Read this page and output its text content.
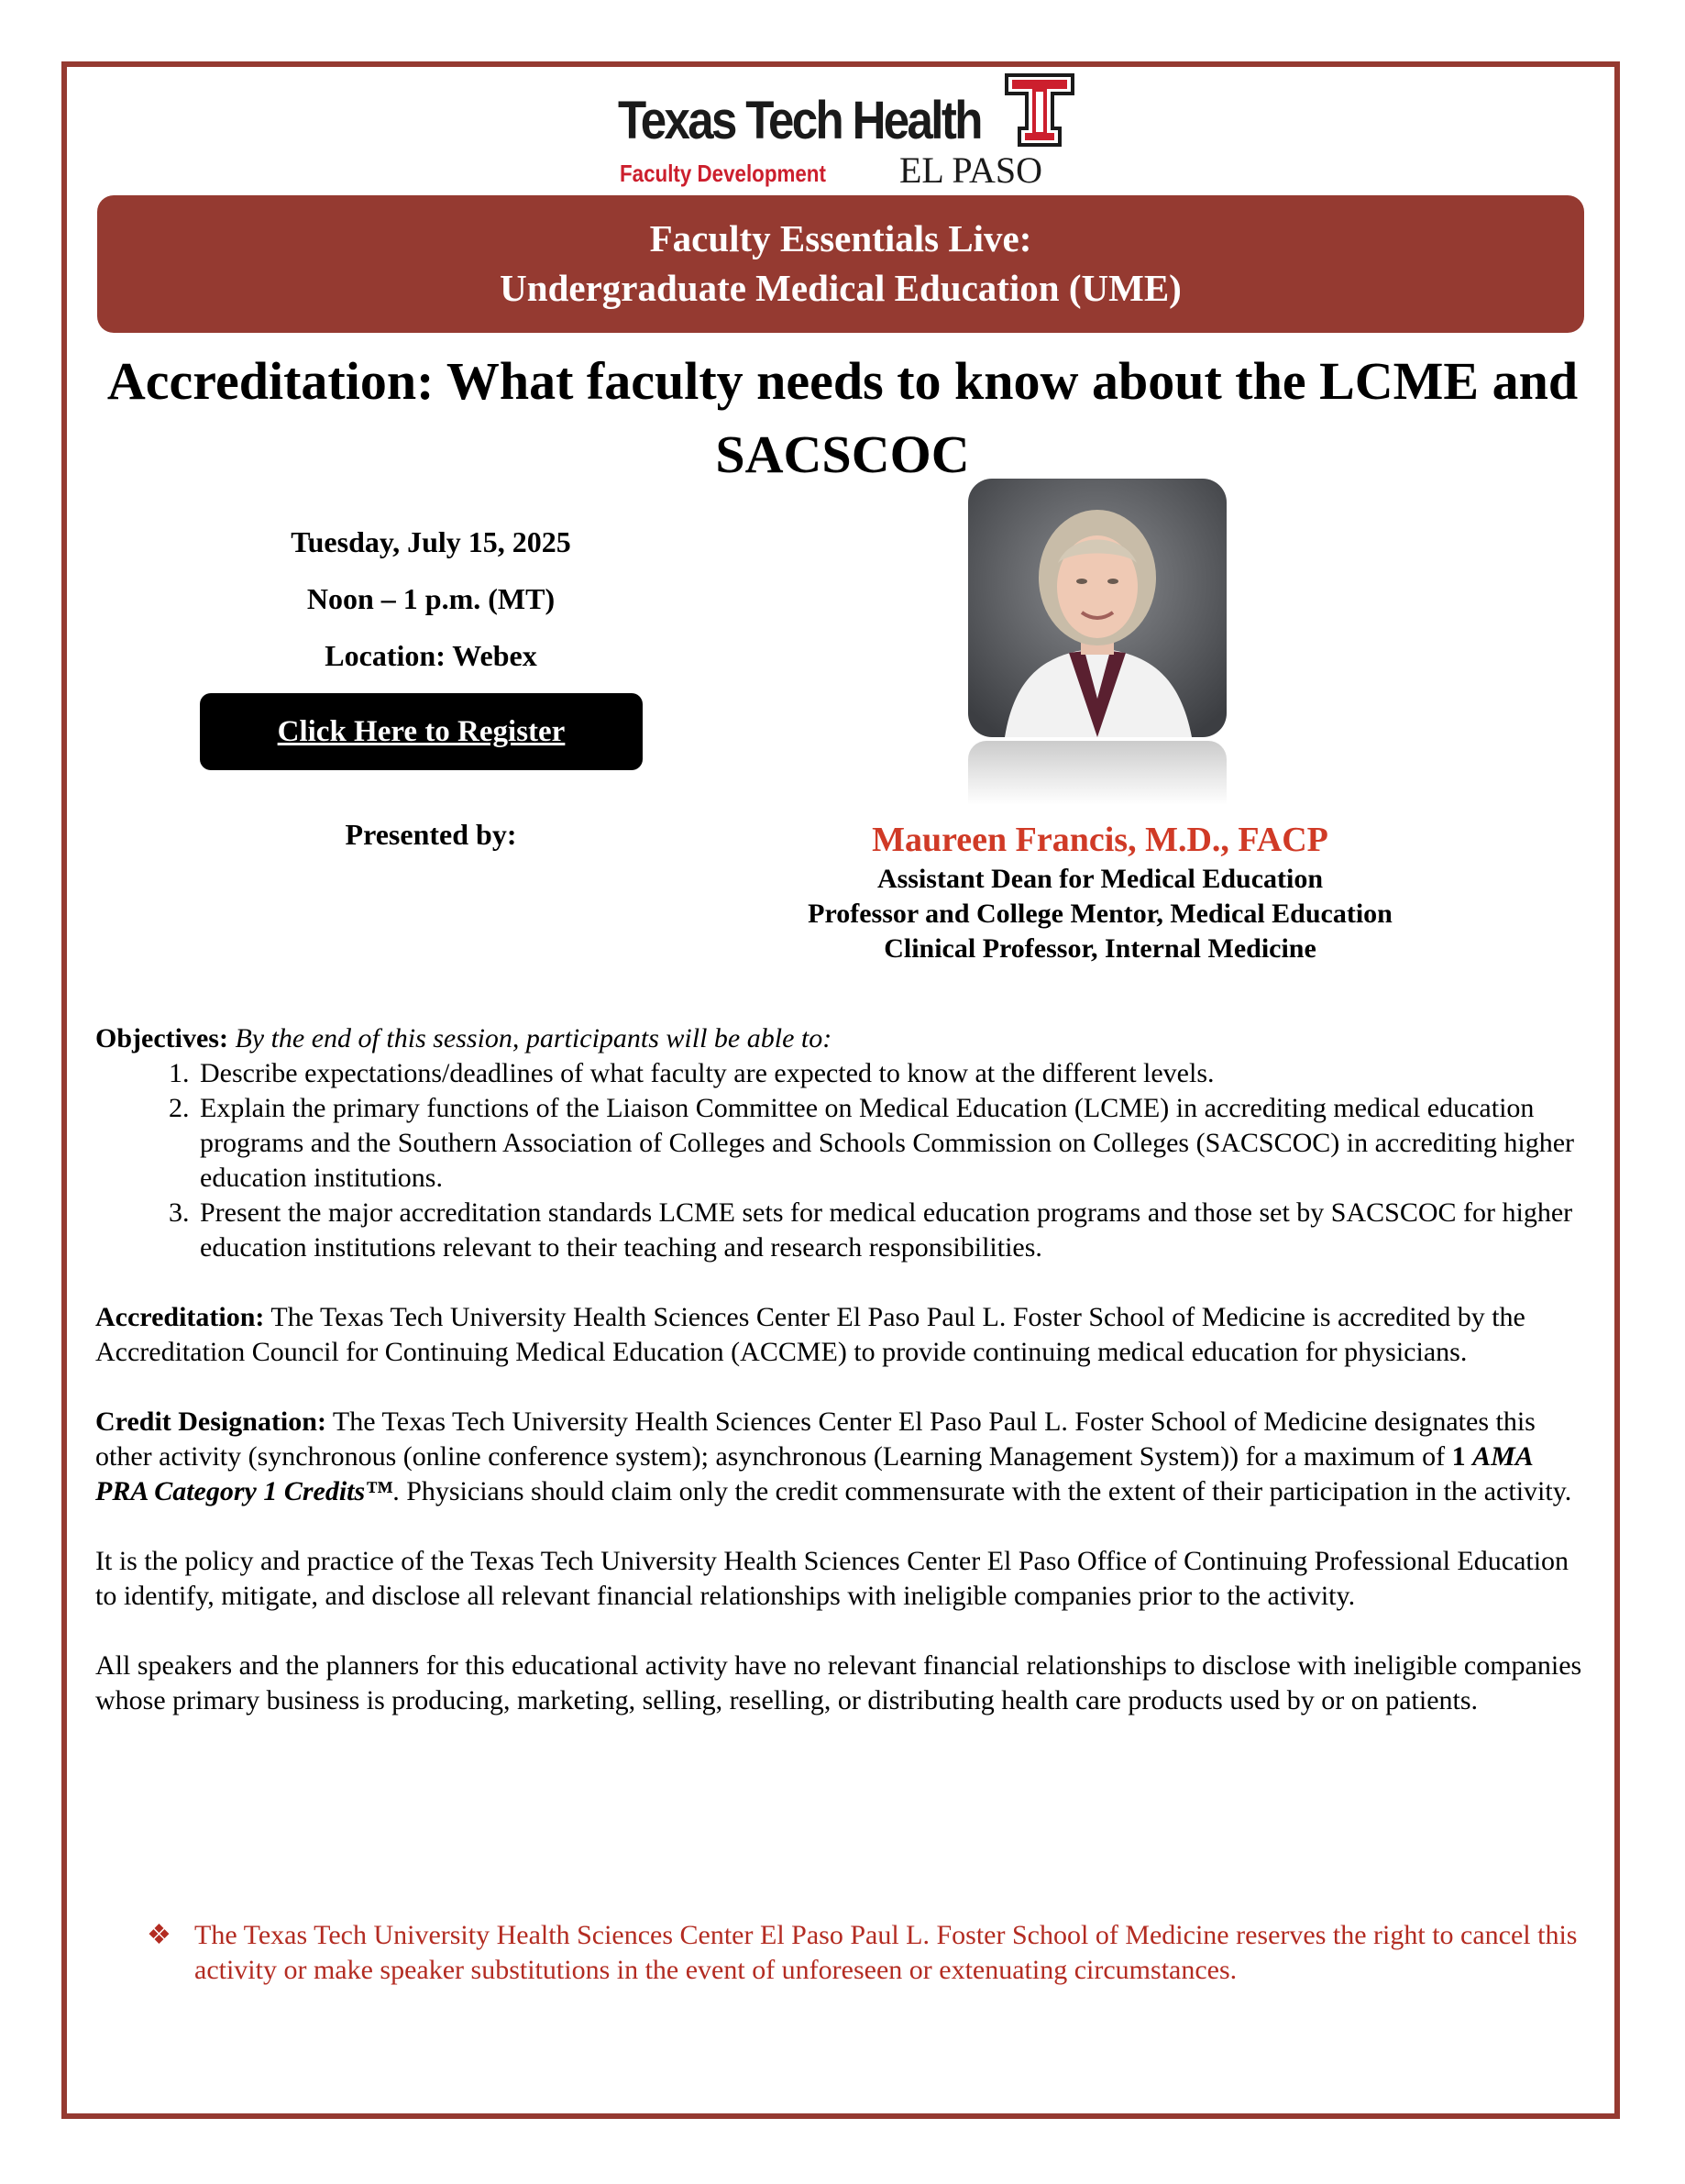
Texas Tech Health
Faculty Development EL PASO
Faculty Essentials Live:
Undergraduate Medical Education (UME)
Accreditation: What faculty needs to know about the LCME and SACSCOC
Tuesday, July 15, 2025
Noon – 1 p.m. (MT)
Location: Webex
Click Here to Register
Presented by:	Maureen Francis, M.D., FACP
Assistant Dean for Medical Education
Professor and College Mentor, Medical Education
Clinical Professor, Internal Medicine

Objectives: By the end of this session, participants will be able to:

1. Describe expectations/deadlines of what faculty are expected to know at the different levels.
2. Explain the primary functions of the Liaison Committee on Medical Education (LCME) in accrediting medical education programs and the Southern Association of Colleges and Schools Commission on Colleges (SACSCOC) in accrediting higher education institutions.
3. Present the major accreditation standards LCME sets for medical education programs and those set by SACSCOC for higher education institutions relevant to their teaching and research responsibilities.

Accreditation: The Texas Tech University Health Sciences Center El Paso Paul L. Foster School of Medicine is accredited by the Accreditation Council for Continuing Medical Education (ACCME) to provide continuing medical education for physicians.

Credit Designation: The Texas Tech University Health Sciences Center El Paso Paul L. Foster School of Medicine designates this other activity (synchronous (online conference system); asynchronous (Learning Management System)) for a maximum of 1 AMA PRA Category 1 Credits™. Physicians should claim only the credit commensurate with the extent of their participation in the activity.

It is the policy and practice of the Texas Tech University Health Sciences Center El Paso Office of Continuing Professional Education to identify, mitigate, and disclose all relevant financial relationships with ineligible companies prior to the activity.

All speakers and the planners for this educational activity have no relevant financial relationships to disclose with ineligible companies whose primary business is producing, marketing, selling, reselling, or distributing health care products used by or on patients.

❖ The Texas Tech University Health Sciences Center El Paso Paul L. Foster School of Medicine reserves the right to cancel this activity or make speaker substitutions in the event of unforeseen or extenuating circumstances.
